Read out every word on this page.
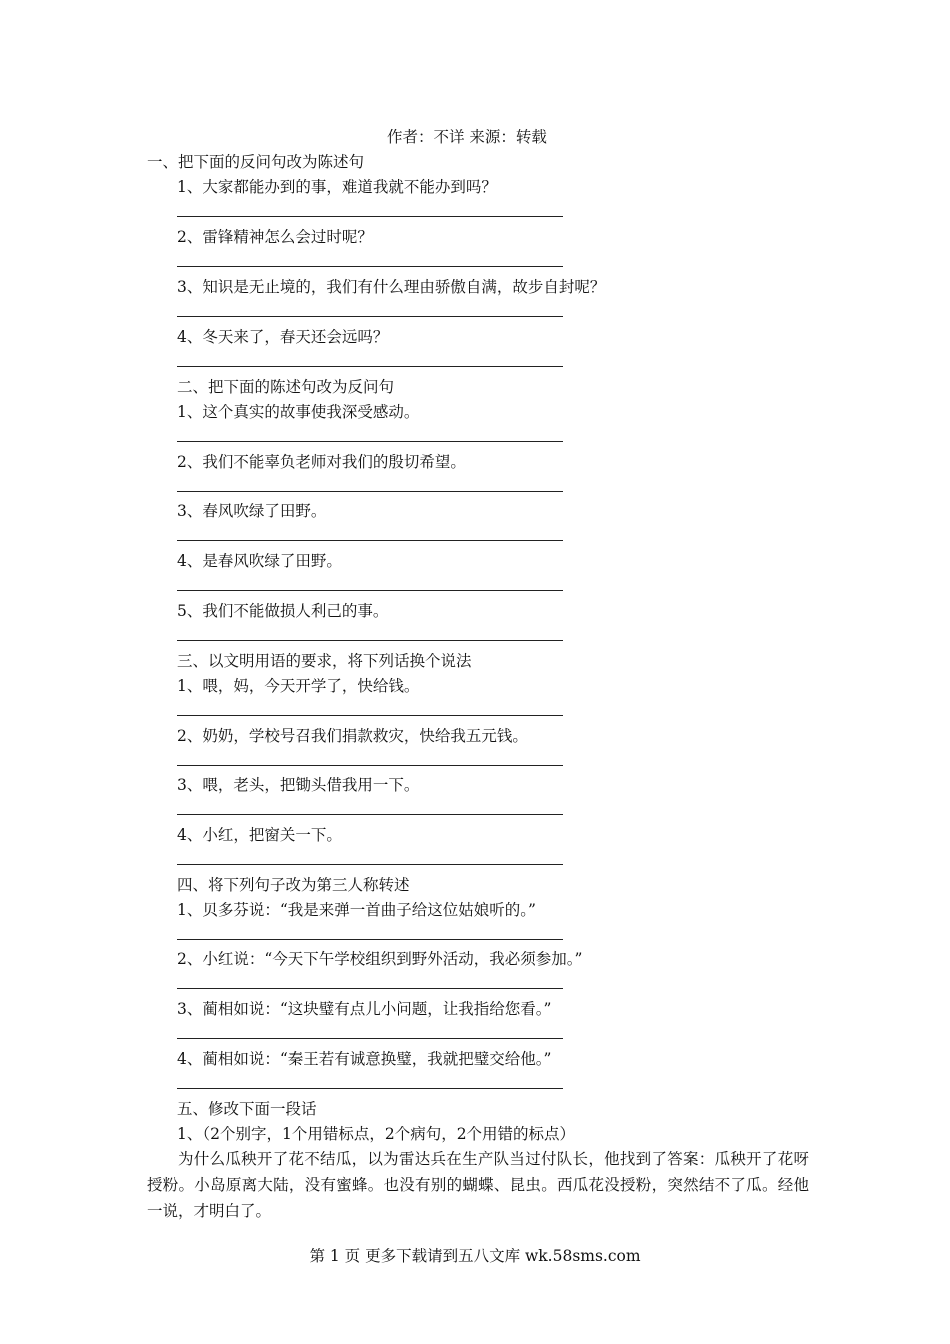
作者：不详 来源：转载
一、把下面的反问句改为陈述句
1、大家都能办到的事，难道我就不能办到吗？
2、雷锋精神怎么会过时呢？
3、知识是无止境的，我们有什么理由骄傲自满，故步自封呢？
4、冬天来了，春天还会远吗？
二、把下面的陈述句改为反问句
1、这个真实的故事使我深受感动。
2、我们不能辜负老师对我们的殷切希望。
3、春风吹绿了田野。
4、是春风吹绿了田野。
5、我们不能做损人利己的事。
三、以文明用语的要求，将下列话换个说法
1、喂，妈，今天开学了，快给钱。
2、奶奶，学校号召我们捐款救灾，快给我五元钱。
3、喂，老头，把锄头借我用一下。
4、小红，把窗关一下。
四、将下列句子改为第三人称转述
1、贝多芬说：“我是来弹一首曲子给这位姑娘听的。”
2、小红说：“今天下午学校组织到野外活动，我必须参加。”
3、蔺相如说：“这块璧有点儿小问题，让我指给您看。”
4、蔺相如说：“秦王若有诚意换璧，我就把璧交给他。”
五、修改下面一段话
1、（2个别字，1个用错标点，2个病句，2个用错的标点）
为什么瓜秧开了花不结瓜，以为雷达兵在生产队当过付队长，他找到了答案：瓜秧开了花呀授粉。小岛原离大陆，没有蜜蜂。也没有别的蝴蝶、昆虫。西瓜花没授粉，突然结不了瓜。经他一说，才明白了。
第 1 页 更多下载请到五八文库 wk.58sms.com
